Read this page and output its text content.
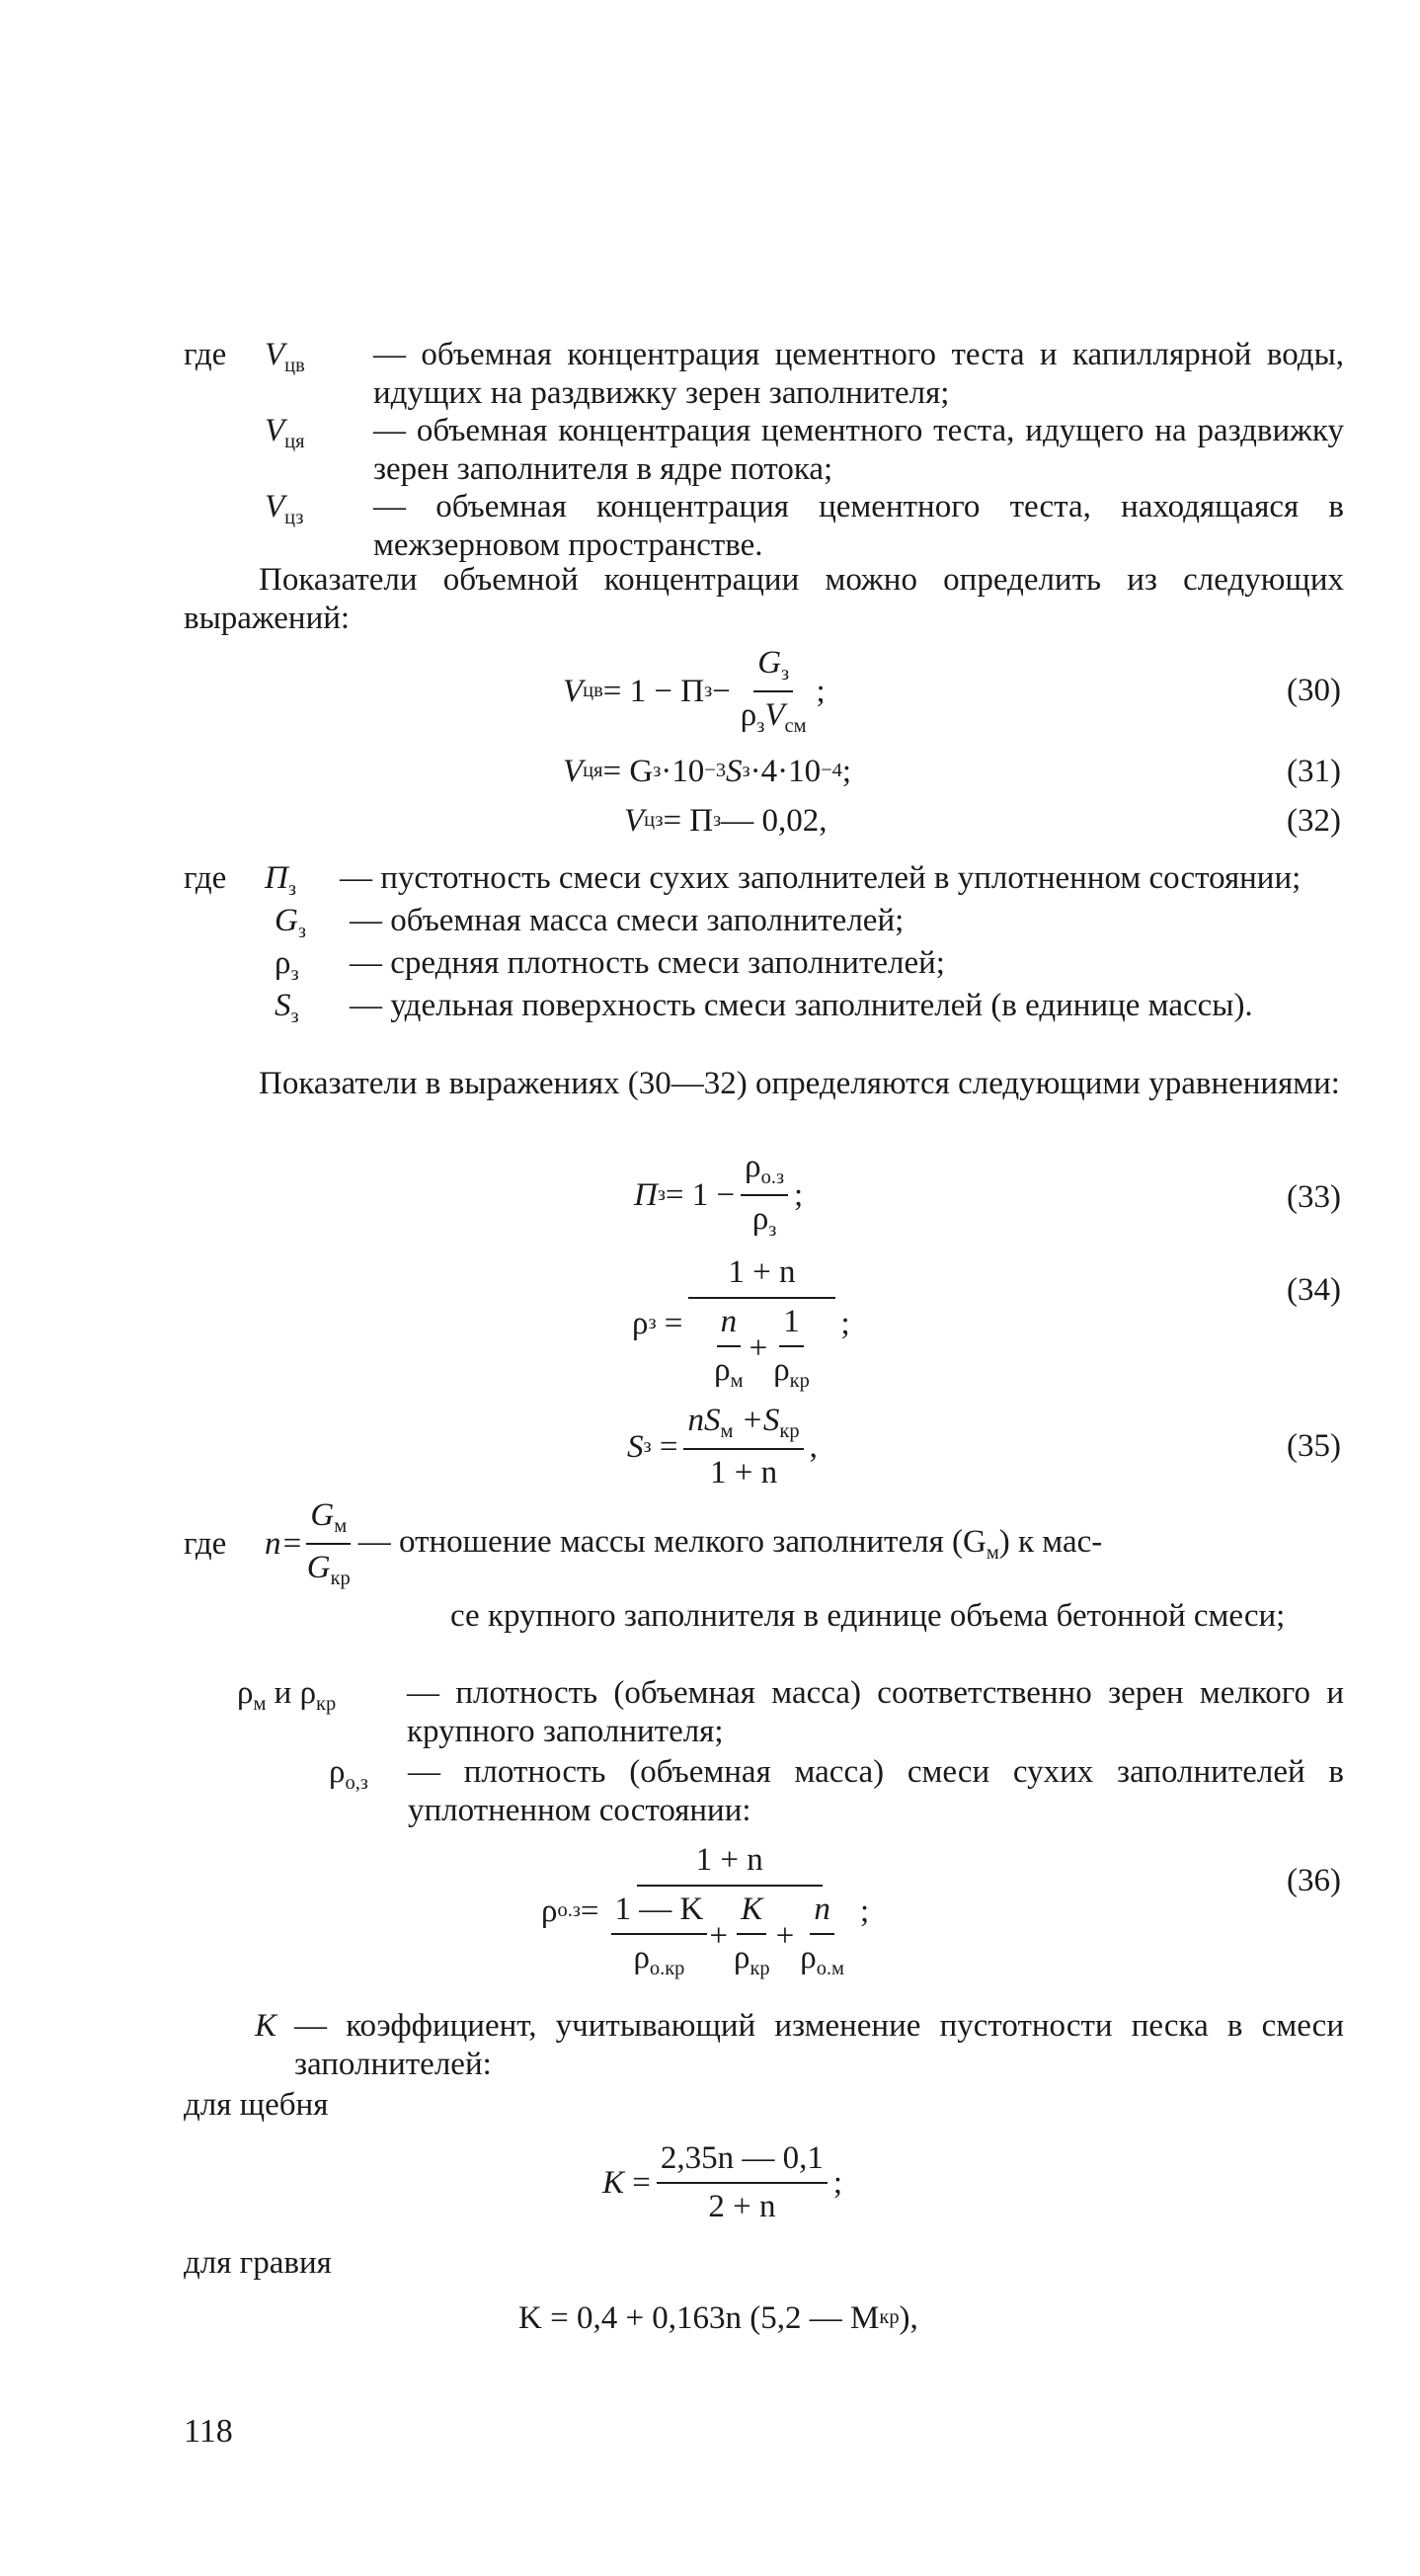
где	$V_{цв}$	— объемная концентрация цементного теста и капиллярной воды, идущих на раздвижку зерен заполнителя;
$V_{ця}$	— объемная концентрация цементного теста, идущего на раздвижку зерен заполнителя в ядре потока;
$V_{цз}$	— объемная концентрация цементного теста, находящаяся в межзерновом пространстве.
Показатели объемной концентрации можно определить из следующих выражений:
V цв = 1 − Π $з - \frac{G_з}{\rho_зV_{см}}$ ;	(30)
V ця = G з ·10 −3 S з ·4·10 −4 ;	(31)
V цз = Π з — 0,02,	(32)
где	$\Pi_з$	— пустотность смеси сухих заполнителей в уплотненном состоянии;
$G_з$	— объемная масса смеси заполнителей;
$\rho_з$	— средняя плотность смеси заполнителей;
$S_з$	— удельная поверхность смеси заполнителей (в единице массы).
Показатели в выражениях (30—32) определяются следующими уравнениями:
Π $з = 1 - \frac{\rho_{о.з}}{\rho_з}$ ;	(33)
ρ $з = \frac{1 + n}{\frac{n}{\rho_м} + \frac{1}{\rho_{кр}}}$ ;
(34)
S $з = \frac{nS_м +S_{кр}}{1 + n}$ ,	(35)
где	$n= \frac{G_м}{G_{кр}}$ — отношение массы мелкого заполнителя $(G_м)$ к мас-
се крупного заполнителя в единице объема бетонной смеси;
$\rho_м$ и $\rho_{кр}$	— плотность (объемная масса) соответственно зерен мелкого и крупного заполнителя;
$\rho_{о,з}$	— плотность (объемная масса) смеси сухих заполнителей в уплотненном состоянии:
ρ о.з =
1 + n
$\frac{1 — K}{\rho_{о.кр}} + \frac{K}{\rho_{кр}} + \frac{n}{\rho_{о.м}}$ ;
(36)
K — коэффициент, учитывающий изменение пустотности песка в смеси заполнителей:
для щебня
$K = \frac{2,35n — 0,1}{2 + n}$ ;
для гравия
K = 0,4 + 0,163n (5,2 — M кр ),
118
